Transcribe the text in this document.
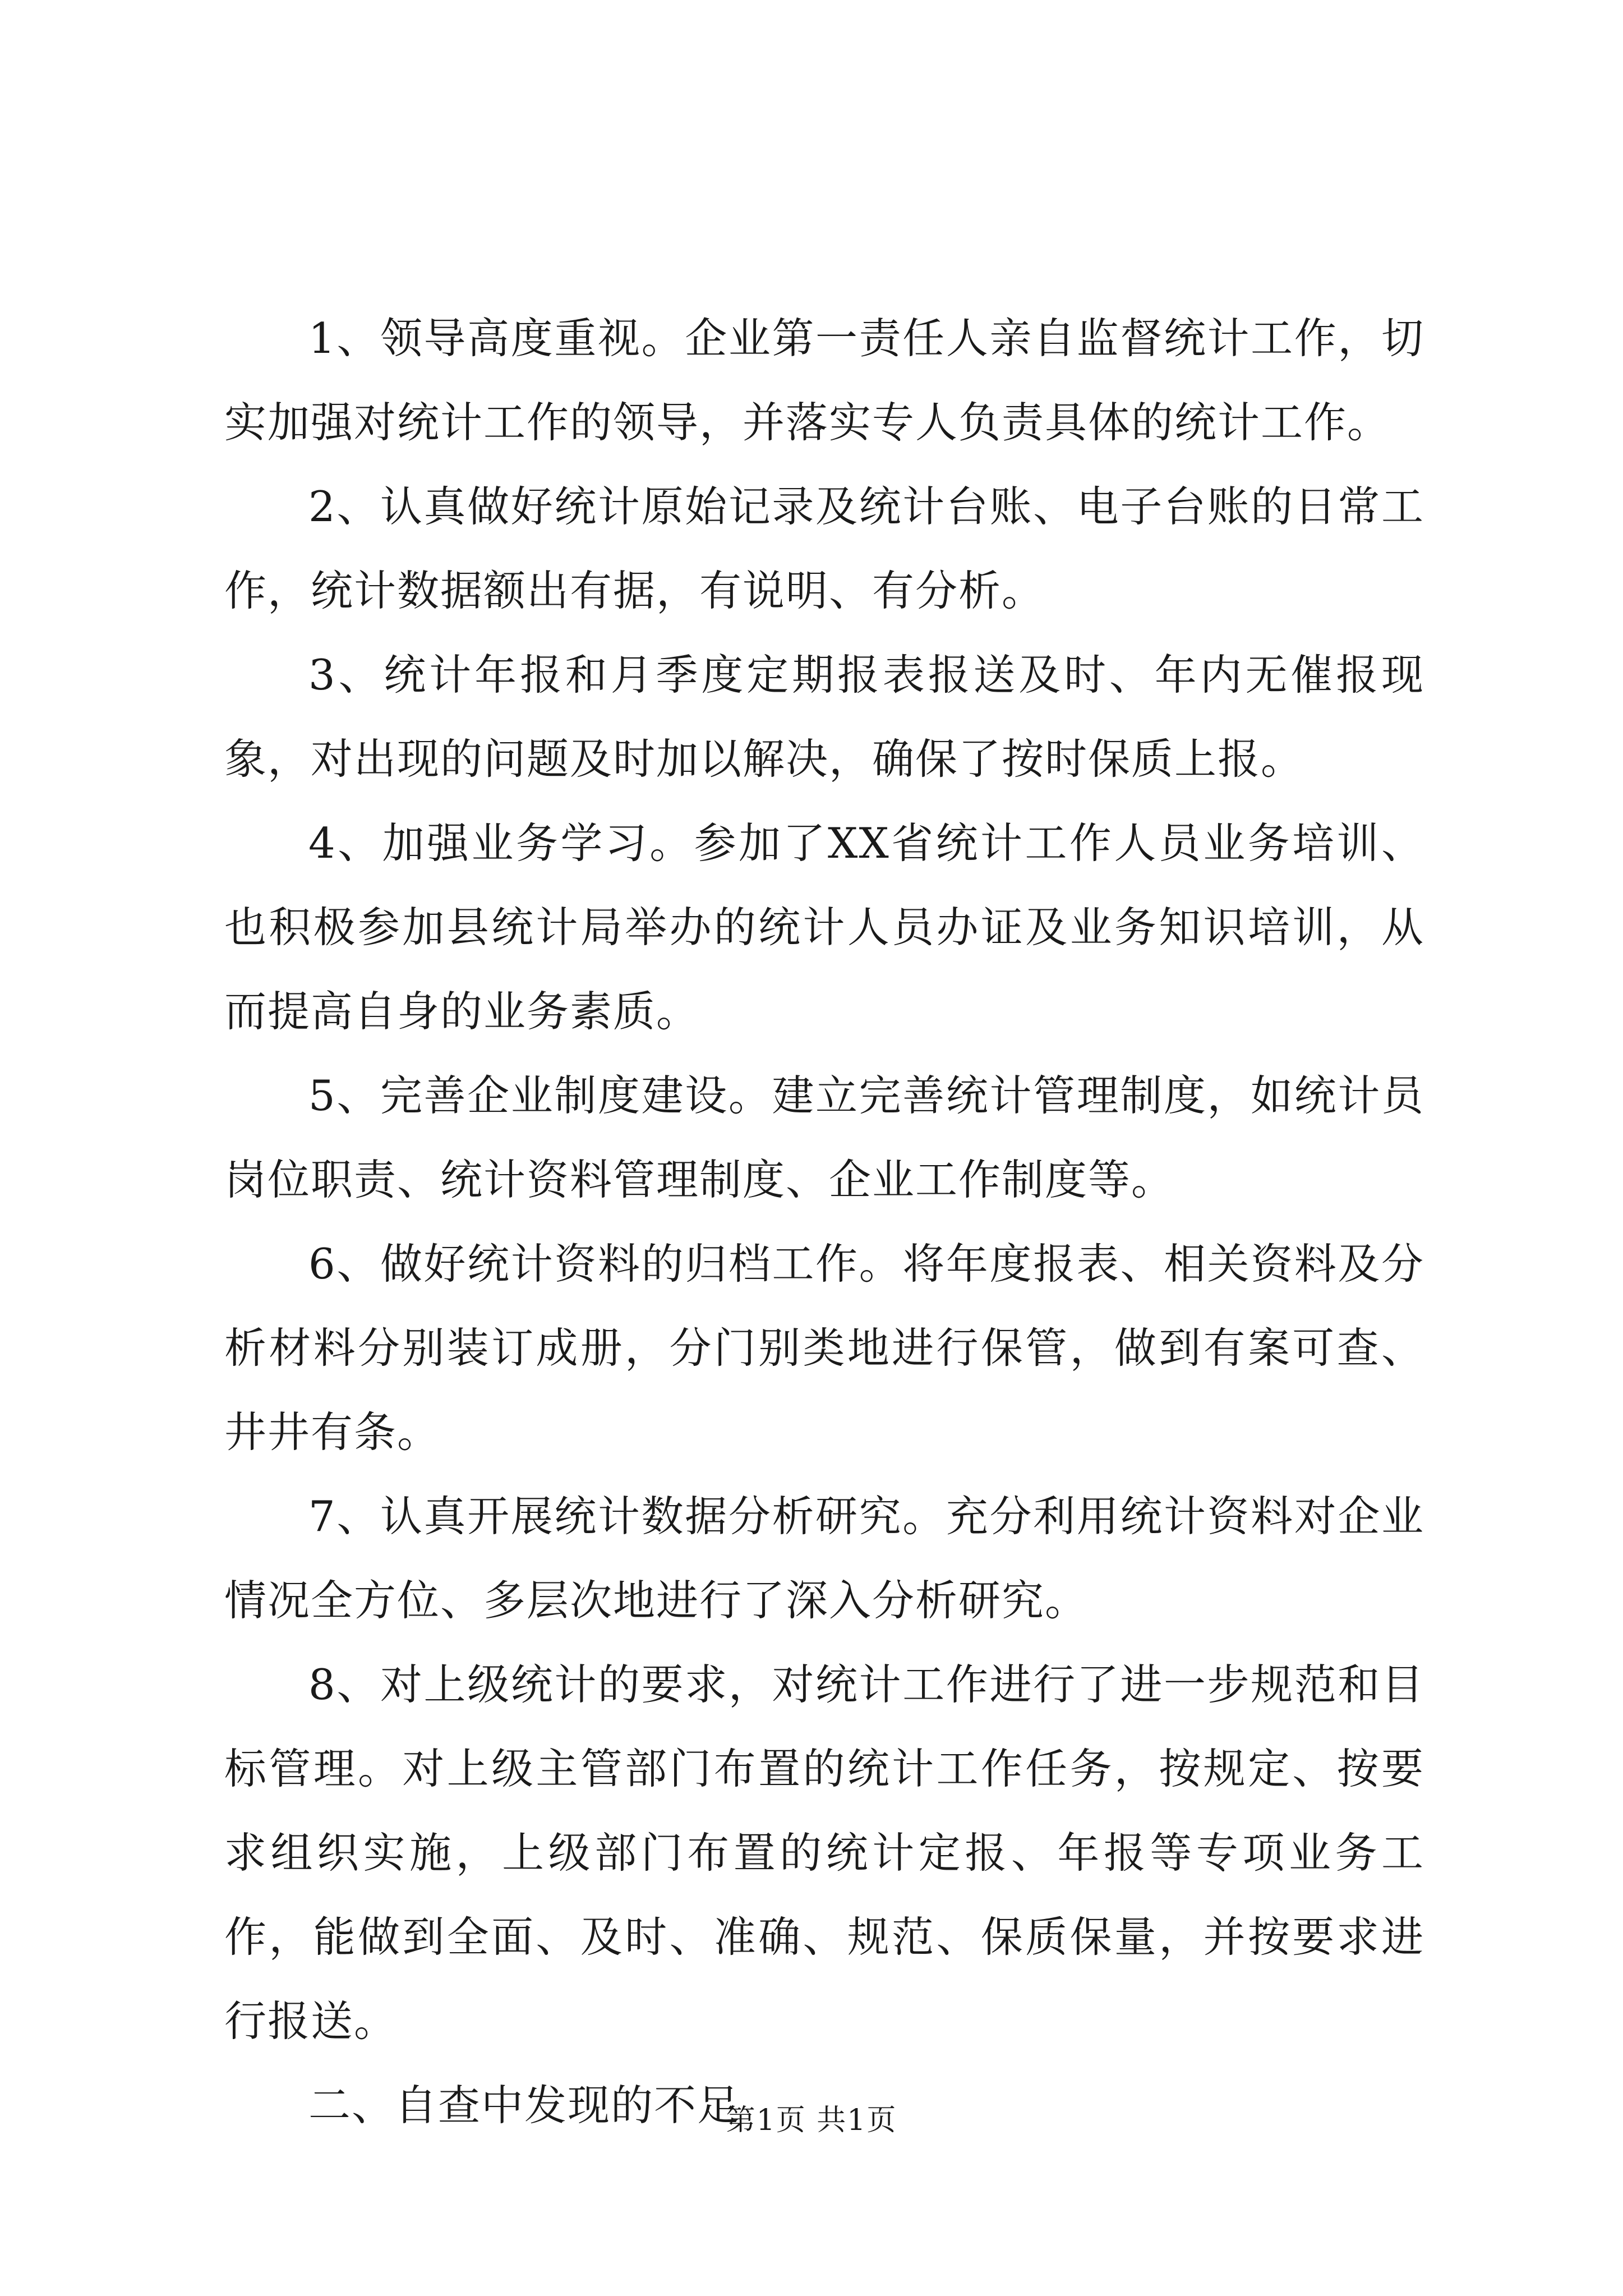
1、领导高度重视。企业第一责任人亲自监督统计工作，切实加强对统计工作的领导，并落实专人负责具体的统计工作。

2、认真做好统计原始记录及统计台账、电子台账的日常工作，统计数据额出有据，有说明、有分析。

3、统计年报和月季度定期报表报送及时、年内无催报现象，对出现的问题及时加以解决，确保了按时保质上报。

4、加强业务学习。参加了XX省统计工作人员业务培训、也积极参加县统计局举办的统计人员办证及业务知识培训，从而提高自身的业务素质。

5、完善企业制度建设。建立完善统计管理制度，如统计员岗位职责、统计资料管理制度、企业工作制度等。

6、做好统计资料的归档工作。将年度报表、相关资料及分析材料分别装订成册，分门别类地进行保管，做到有案可查、井井有条。

7、认真开展统计数据分析研究。充分利用统计资料对企业情况全方位、多层次地进行了深入分析研究。

8、对上级统计的要求，对统计工作进行了进一步规范和目标管理。对上级主管部门布置的统计工作任务，按规定、按要求组织实施，上级部门布置的统计定报、年报等专项业务工作，能做到全面、及时、准确、规范、保质保量，并按要求进行报送。

二、自查中发现的不足

第1页 共1页
